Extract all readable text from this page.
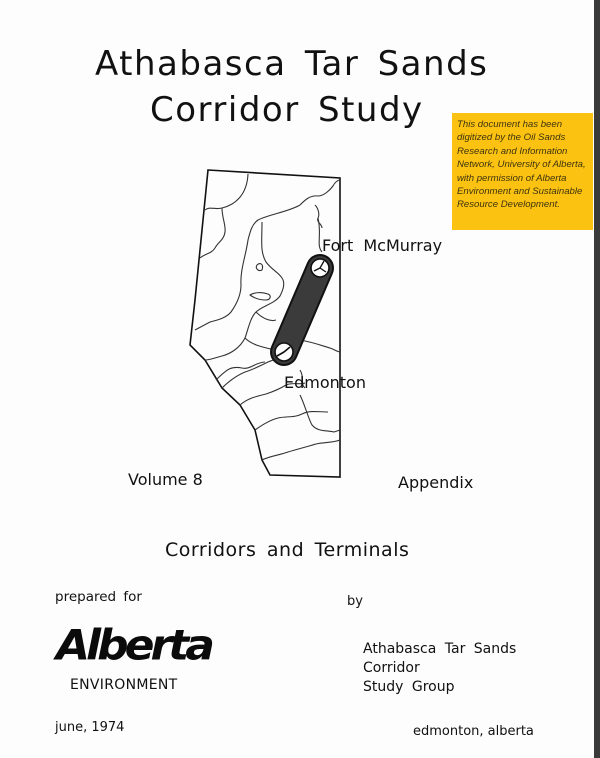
Athabasca Tar Sands
Corridor Study	This document has been digitized by the Oil Sands Research and Information Network, University of Alberta, with permission of Alberta Environment and Sustainable Resource Development.
Fort McMurray
Edmonton
Volume 8	Appendix
Corridors and Terminals
prepared for	by
Alberta
ENVIRONMENT
Athabasca Tar Sands
Corridor
Study Group
june, 1974	edmonton, alberta
